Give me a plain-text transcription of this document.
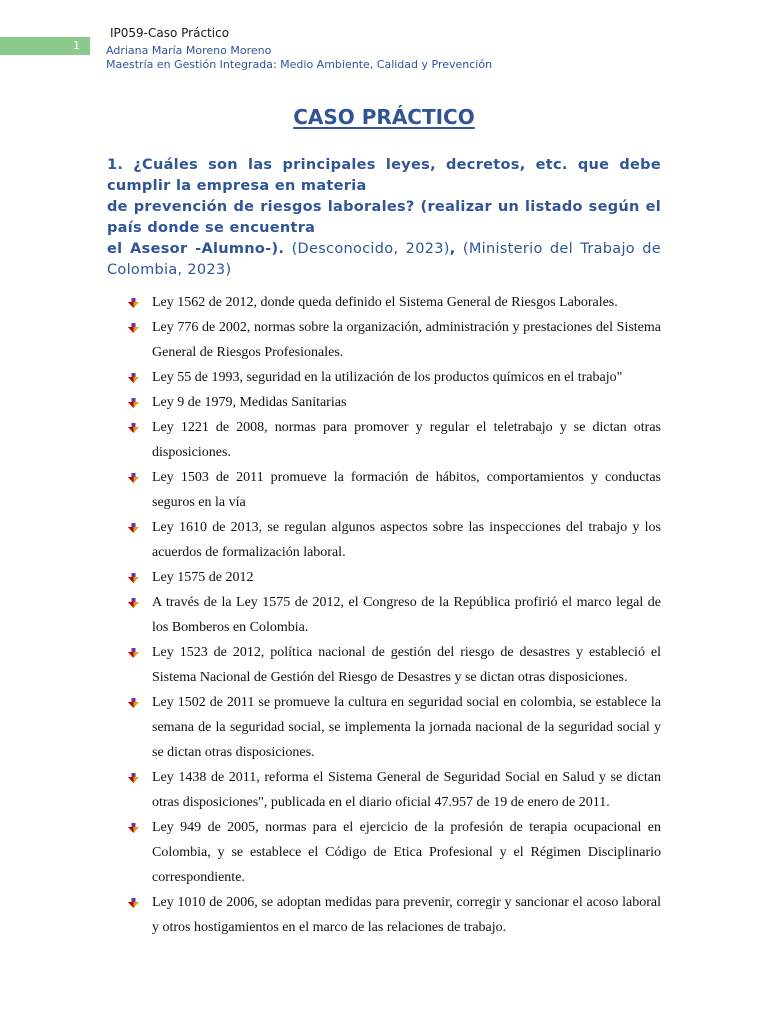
1
IP059-Caso Práctico
Adriana María Moreno Moreno
Maestría en Gestión Integrada: Medio Ambiente, Calidad y Prevención
CASO PRÁCTICO
1. ¿Cuáles son las principales leyes, decretos, etc. que debe cumplir la empresa en materia
de prevención de riesgos laborales? (realizar un listado según el país donde se encuentra
el Asesor -Alumno-). (Desconocido, 2023), (Ministerio del Trabajo de Colombia, 2023)
Ley 1562 de 2012, donde queda definido el Sistema General de Riesgos Laborales.
Ley 776 de 2002, normas sobre la organización, administración y prestaciones del Sistema General de Riesgos Profesionales.
Ley 55 de 1993, seguridad en la utilización de los productos químicos en el trabajo"
Ley 9 de 1979, Medidas Sanitarias
Ley 1221 de 2008, normas para promover y regular el teletrabajo y se dictan otras disposiciones.
Ley 1503 de 2011 promueve la formación de hábitos, comportamientos y conductas seguros en la vía
Ley 1610 de 2013, se regulan algunos aspectos sobre las inspecciones del trabajo y los acuerdos de formalización laboral.
Ley 1575 de 2012
A través de la Ley 1575 de 2012, el Congreso de la República profirió el marco legal de los Bomberos en Colombia.
Ley 1523 de 2012, política nacional de gestión del riesgo de desastres y estableció el Sistema Nacional de Gestión del Riesgo de Desastres y se dictan otras disposiciones.
Ley 1502 de 2011 se promueve la cultura en seguridad social en colombia, se establece la semana de la seguridad social, se implementa la jornada nacional de la seguridad social y se dictan otras disposiciones.
Ley 1438 de 2011, reforma el Sistema General de Seguridad Social en Salud y se dictan otras disposiciones", publicada en el diario oficial 47.957 de 19 de enero de 2011.
Ley 949 de 2005, normas para el ejercicio de la profesión de terapia ocupacional en Colombia, y se establece el Código de Etica Profesional y el Régimen Disciplinario correspondiente.
Ley 1010 de 2006, se adoptan medidas para prevenir, corregir y sancionar el acoso laboral y otros hostigamientos en el marco de las relaciones de trabajo.
